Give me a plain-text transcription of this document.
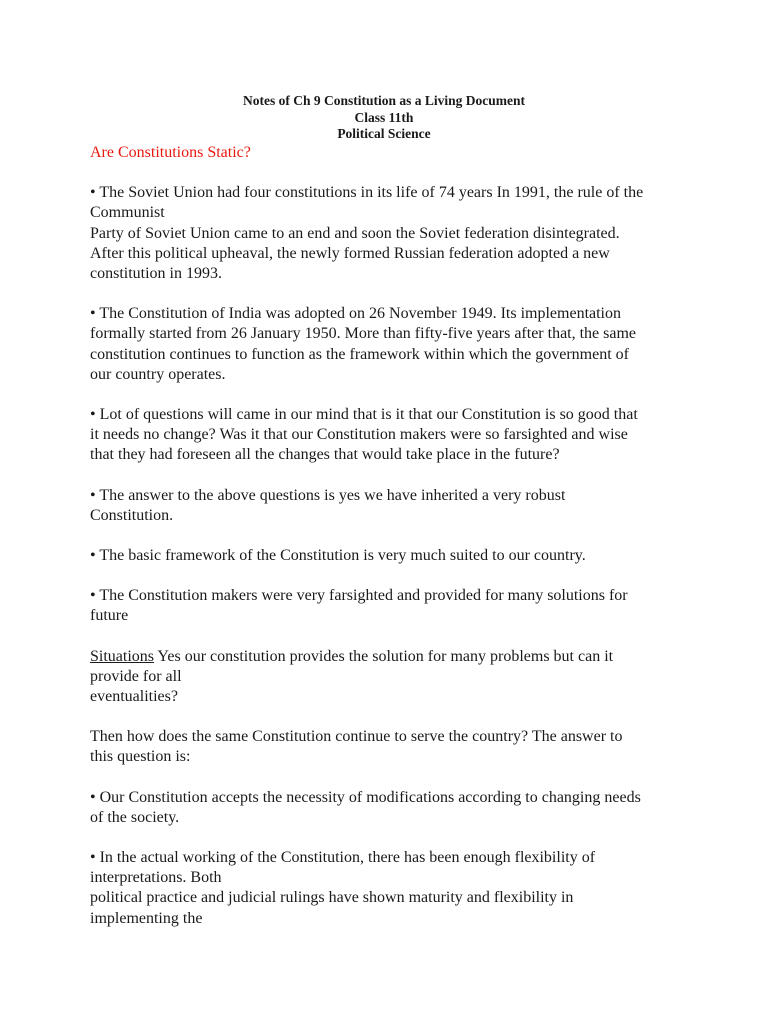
Notes of Ch 9 Constitution as a Living Document
Class 11th
Political Science
Are Constitutions Static?
• The Soviet Union had four constitutions in its life of 74 years In 1991, the rule of the
Communist
Party of Soviet Union came to an end and soon the Soviet federation disintegrated.
After this political upheaval, the newly formed Russian federation adopted a new
constitution in 1993.
• The Constitution of India was adopted on 26 November 1949. Its implementation
formally started from 26 January 1950. More than fifty-five years after that, the same
constitution continues to function as the framework within which the government of
our country operates.
• Lot of questions will came in our mind that is it that our Constitution is so good that
it needs no change? Was it that our Constitution makers were so farsighted and wise
that they had foreseen all the changes that would take place in the future?
• The answer to the above questions is yes we have inherited a very robust
Constitution.
• The basic framework of the Constitution is very much suited to our country.
• The Constitution makers were very farsighted and provided for many solutions for
future
Situations Yes our constitution provides the solution for many problems but can it
provide for all
eventualities?
Then how does the same Constitution continue to serve the country? The answer to
this question is:
• Our Constitution accepts the necessity of modifications according to changing needs
of the society.
• In the actual working of the Constitution, there has been enough flexibility of
interpretations. Both
political practice and judicial rulings have shown maturity and flexibility in
implementing the
